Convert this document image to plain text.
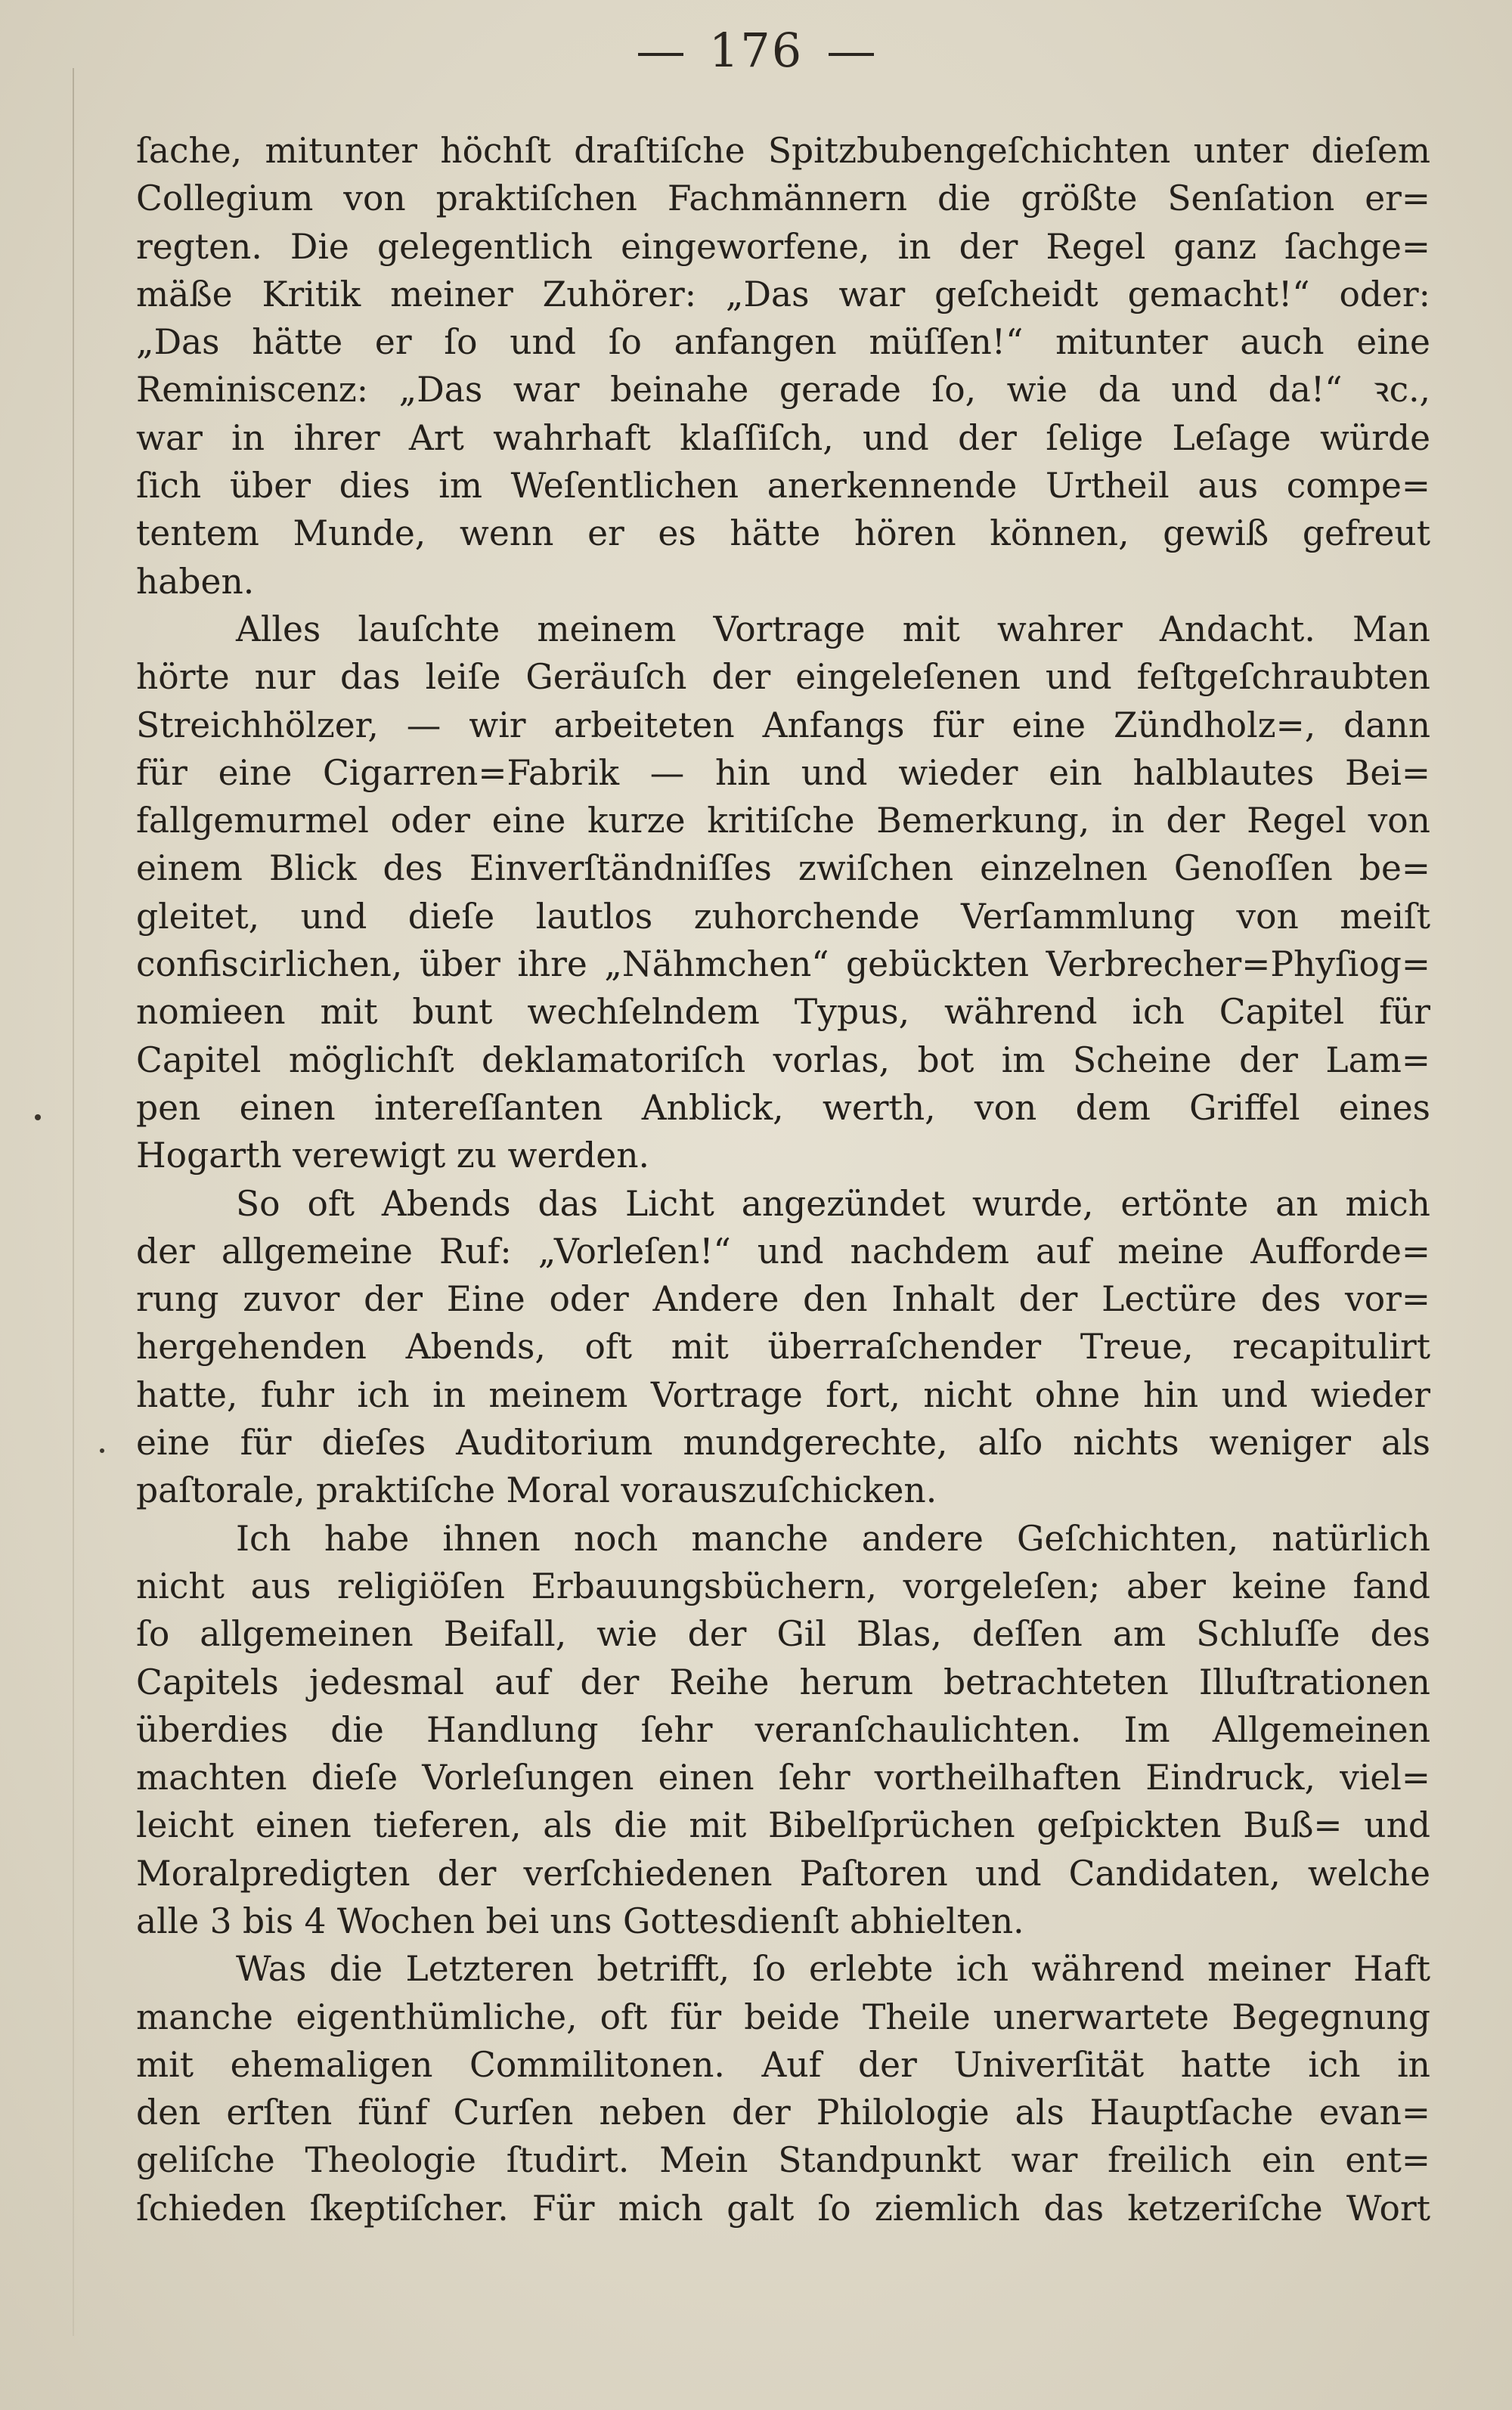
176
ſache, mitunter höchſt draſtiſche Spitzbubengeſchichten unter dieſem
Collegium von praktiſchen Fachmännern die größte Senſation er=
regten. Die gelegentlich eingeworfene, in der Regel ganz ſachge=
mäße Kritik meiner Zuhörer: „Das war geſcheidt gemacht!“ oder:
„Das hätte er ſo und ſo anfangen müſſen!“ mitunter auch eine
Reminiscenz: „Das war beinahe gerade ſo, wie da und da!“ ꝛc.,
war in ihrer Art wahrhaft klaſſiſch, und der ſelige Leſage würde
ſich über dies im Weſentlichen anerkennende Urtheil aus compe=
tentem Munde, wenn er es hätte hören können, gewiß gefreut
haben.
Alles lauſchte meinem Vortrage mit wahrer Andacht. Man
hörte nur das leiſe Geräuſch der eingeleſenen und feſtgeſchraubten
Streichhölzer, — wir arbeiteten Anfangs für eine Zündholz=, dann
für eine Cigarren=Fabrik — hin und wieder ein halblautes Bei=
fallgemurmel oder eine kurze kritiſche Bemerkung, in der Regel von
einem Blick des Einverſtändniſſes zwiſchen einzelnen Genoſſen be=
gleitet, und dieſe lautlos zuhorchende Verſammlung von meiſt
confiscirlichen, über ihre „Nähmchen“ gebückten Verbrecher=Phyſiog=
nomieen mit bunt wechſelndem Typus, während ich Capitel für
Capitel möglichſt deklamatoriſch vorlas, bot im Scheine der Lam=
pen einen intereſſanten Anblick, werth, von dem Griffel eines
Hogarth verewigt zu werden.
So oft Abends das Licht angezündet wurde, ertönte an mich
der allgemeine Ruf: „Vorleſen!“ und nachdem auf meine Aufforde=
rung zuvor der Eine oder Andere den Inhalt der Lectüre des vor=
hergehenden Abends, oft mit überraſchender Treue, recapitulirt
hatte, fuhr ich in meinem Vortrage fort, nicht ohne hin und wieder
eine für dieſes Auditorium mundgerechte, alſo nichts weniger als
paſtorale, praktiſche Moral vorauszuſchicken.
Ich habe ihnen noch manche andere Geſchichten, natürlich
nicht aus religiöſen Erbauungsbüchern, vorgeleſen; aber keine fand
ſo allgemeinen Beifall, wie der Gil Blas, deſſen am Schluſſe des
Capitels jedesmal auf der Reihe herum betrachteten Illuſtrationen
überdies die Handlung ſehr veranſchaulichten. Im Allgemeinen
machten dieſe Vorleſungen einen ſehr vortheilhaften Eindruck, viel=
leicht einen tieferen, als die mit Bibelſprüchen geſpickten Buß= und
Moralpredigten der verſchiedenen Paſtoren und Candidaten, welche
alle 3 bis 4 Wochen bei uns Gottesdienſt abhielten.
Was die Letzteren betrifft, ſo erlebte ich während meiner Haft
manche eigenthümliche, oft für beide Theile unerwartete Begegnung
mit ehemaligen Commilitonen. Auf der Univerſität hatte ich in
den erſten fünf Curſen neben der Philologie als Hauptſache evan=
geliſche Theologie ſtudirt. Mein Standpunkt war freilich ein ent=
ſchieden ſkeptiſcher. Für mich galt ſo ziemlich das ketzeriſche Wort
